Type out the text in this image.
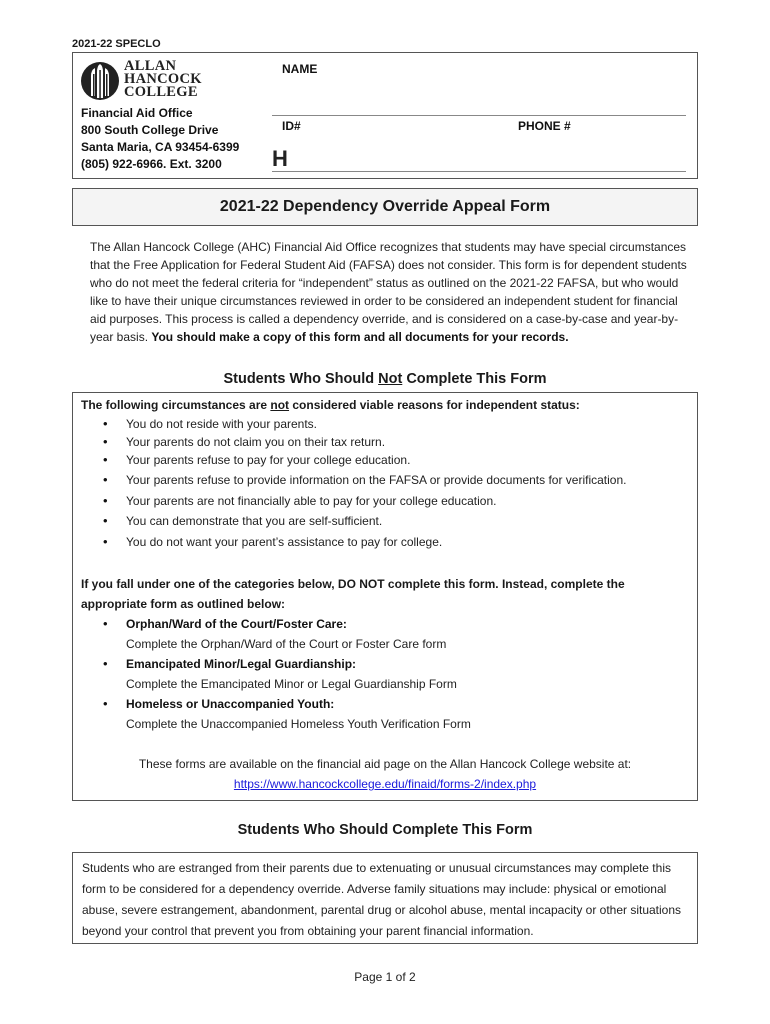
2021-22 SPECLO
ALLAN
HANCOCK
COLLEGE
Financial Aid Office
800 South College Drive
Santa Maria, CA 93454-6399
(805) 922-6966. Ext. 3200
NAME
ID#	PHONE #
H
2021-22 Dependency Override Appeal Form
The Allan Hancock College (AHC) Financial Aid Office recognizes that students may have special circumstances that the Free Application for Federal Student Aid (FAFSA) does not consider. This form is for dependent students who do not meet the federal criteria for “independent” status as outlined on the 2021-22 FAFSA, but who would like to have their unique circumstances reviewed in order to be considered an independent student for financial aid purposes. This process is called a dependency override, and is considered on a case-by-case and year-by-year basis. You should make a copy of this form and all documents for your records.
Students Who Should Not Complete This Form
The following circumstances are not considered viable reasons for independent status:
• You do not reside with your parents.
• Your parents do not claim you on their tax return.
• Your parents refuse to pay for your college education.
• Your parents refuse to provide information on the FAFSA or provide documents for verification.
• Your parents are not financially able to pay for your college education.
• You can demonstrate that you are self-sufficient.
• You do not want your parent’s assistance to pay for college.
If you fall under one of the categories below, DO NOT complete this form. Instead, complete the appropriate form as outlined below:
• Orphan/Ward of the Court/Foster Care:
Complete the Orphan/Ward of the Court or Foster Care form
• Emancipated Minor/Legal Guardianship:
Complete the Emancipated Minor or Legal Guardianship Form
• Homeless or Unaccompanied Youth:
Complete the Unaccompanied Homeless Youth Verification Form
These forms are available on the financial aid page on the Allan Hancock College website at:
https://www.hancockcollege.edu/finaid/forms-2/index.php
Students Who Should Complete This Form
Students who are estranged from their parents due to extenuating or unusual circumstances may complete this form to be considered for a dependency override. Adverse family situations may include: physical or emotional abuse, severe estrangement, abandonment, parental drug or alcohol abuse, mental incapacity or other situations beyond your control that prevent you from obtaining your parent financial information.
Page 1 of 2
